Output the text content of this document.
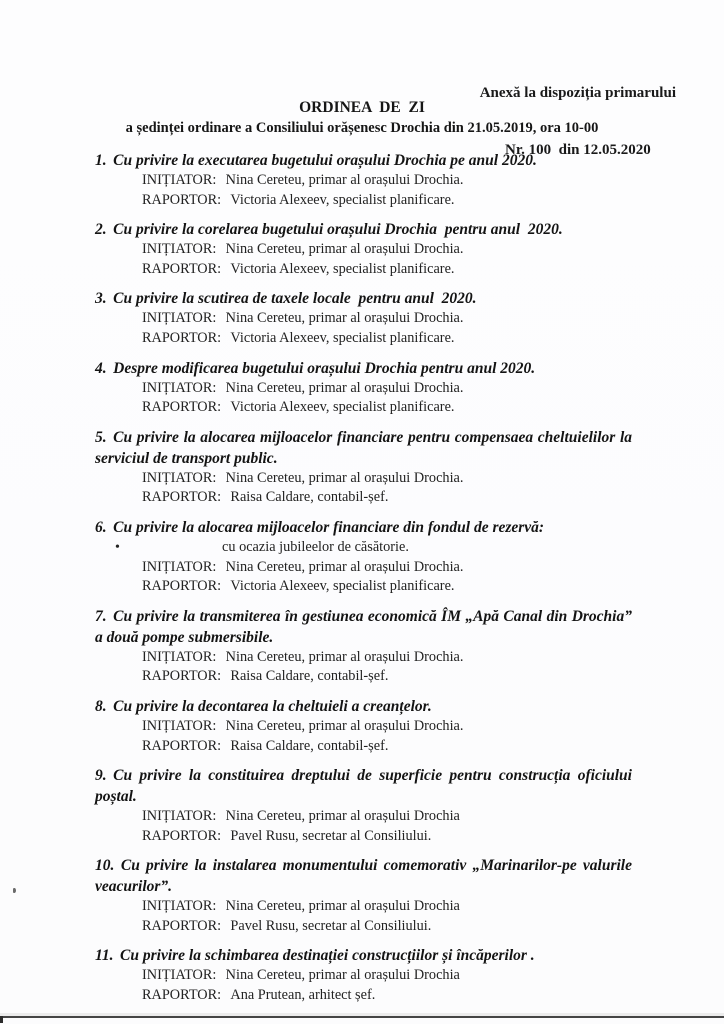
Anexă la dispoziția primarului

Nr. 100  din 12.05.2020

ORDINEA  DE  ZI
a ședinței ordinare a Consiliului orășenesc Drochia din 21.05.2019, ora 10-00
1. Cu privire la executarea bugetului orașului Drochia pe anul 2020.
INIȚIATOR: Nina Cereteu, primar al orașului Drochia.
RAPORTOR: Victoria Alexeev, specialist planificare.
2. Cu privire la corelarea bugetului orașului Drochia  pentru anul  2020.
INIȚIATOR: Nina Cereteu, primar al orașului Drochia.
RAPORTOR: Victoria Alexeev, specialist planificare.
3. Cu privire la scutirea de taxele locale  pentru anul  2020.
INIȚIATOR: Nina Cereteu, primar al orașului Drochia.
RAPORTOR: Victoria Alexeev, specialist planificare.
4. Despre modificarea bugetului orașului Drochia pentru anul 2020.
INIȚIATOR: Nina Cereteu, primar al orașului Drochia.
RAPORTOR: Victoria Alexeev, specialist planificare.
5. Cu privire la alocarea mijloacelor financiare pentru compensaea cheltuielilor la serviciul de transport public.
INIȚIATOR: Nina Cereteu, primar al orașului Drochia.
RAPORTOR: Raisa Caldare, contabil-șef.
6. Cu privire la alocarea mijloacelor financiare din fondul de rezervă:
•	cu ocazia jubileelor de căsătorie.
INIȚIATOR: Nina Cereteu, primar al orașului Drochia.
RAPORTOR: Victoria Alexeev, specialist planificare.
7. Cu privire la transmiterea în gestiunea economică ÎM „Apă Canal din Drochia” a două pompe submersibile.
INIȚIATOR: Nina Cereteu, primar al orașului Drochia.
RAPORTOR: Raisa Caldare, contabil-șef.
8. Cu privire la decontarea la cheltuieli a creanțelor.
INIȚIATOR: Nina Cereteu, primar al orașului Drochia.
RAPORTOR: Raisa Caldare, contabil-șef.
9. Cu privire la constituirea dreptului de superficie pentru construcția oficiului poștal.
INIȚIATOR: Nina Cereteu, primar al orașului Drochia
RAPORTOR: Pavel Rusu, secretar al Consiliului.
10. Cu privire la instalarea monumentului comemorativ „Marinarilor-pe valurile veacurilor”.
INIȚIATOR: Nina Cereteu, primar al orașului Drochia
RAPORTOR: Pavel Rusu, secretar al Consiliului.
11. Cu privire la schimbarea destinației construcțiilor și încăperilor .
INIȚIATOR: Nina Cereteu, primar al orașului Drochia
RAPORTOR: Ana Prutean, arhitect șef.
